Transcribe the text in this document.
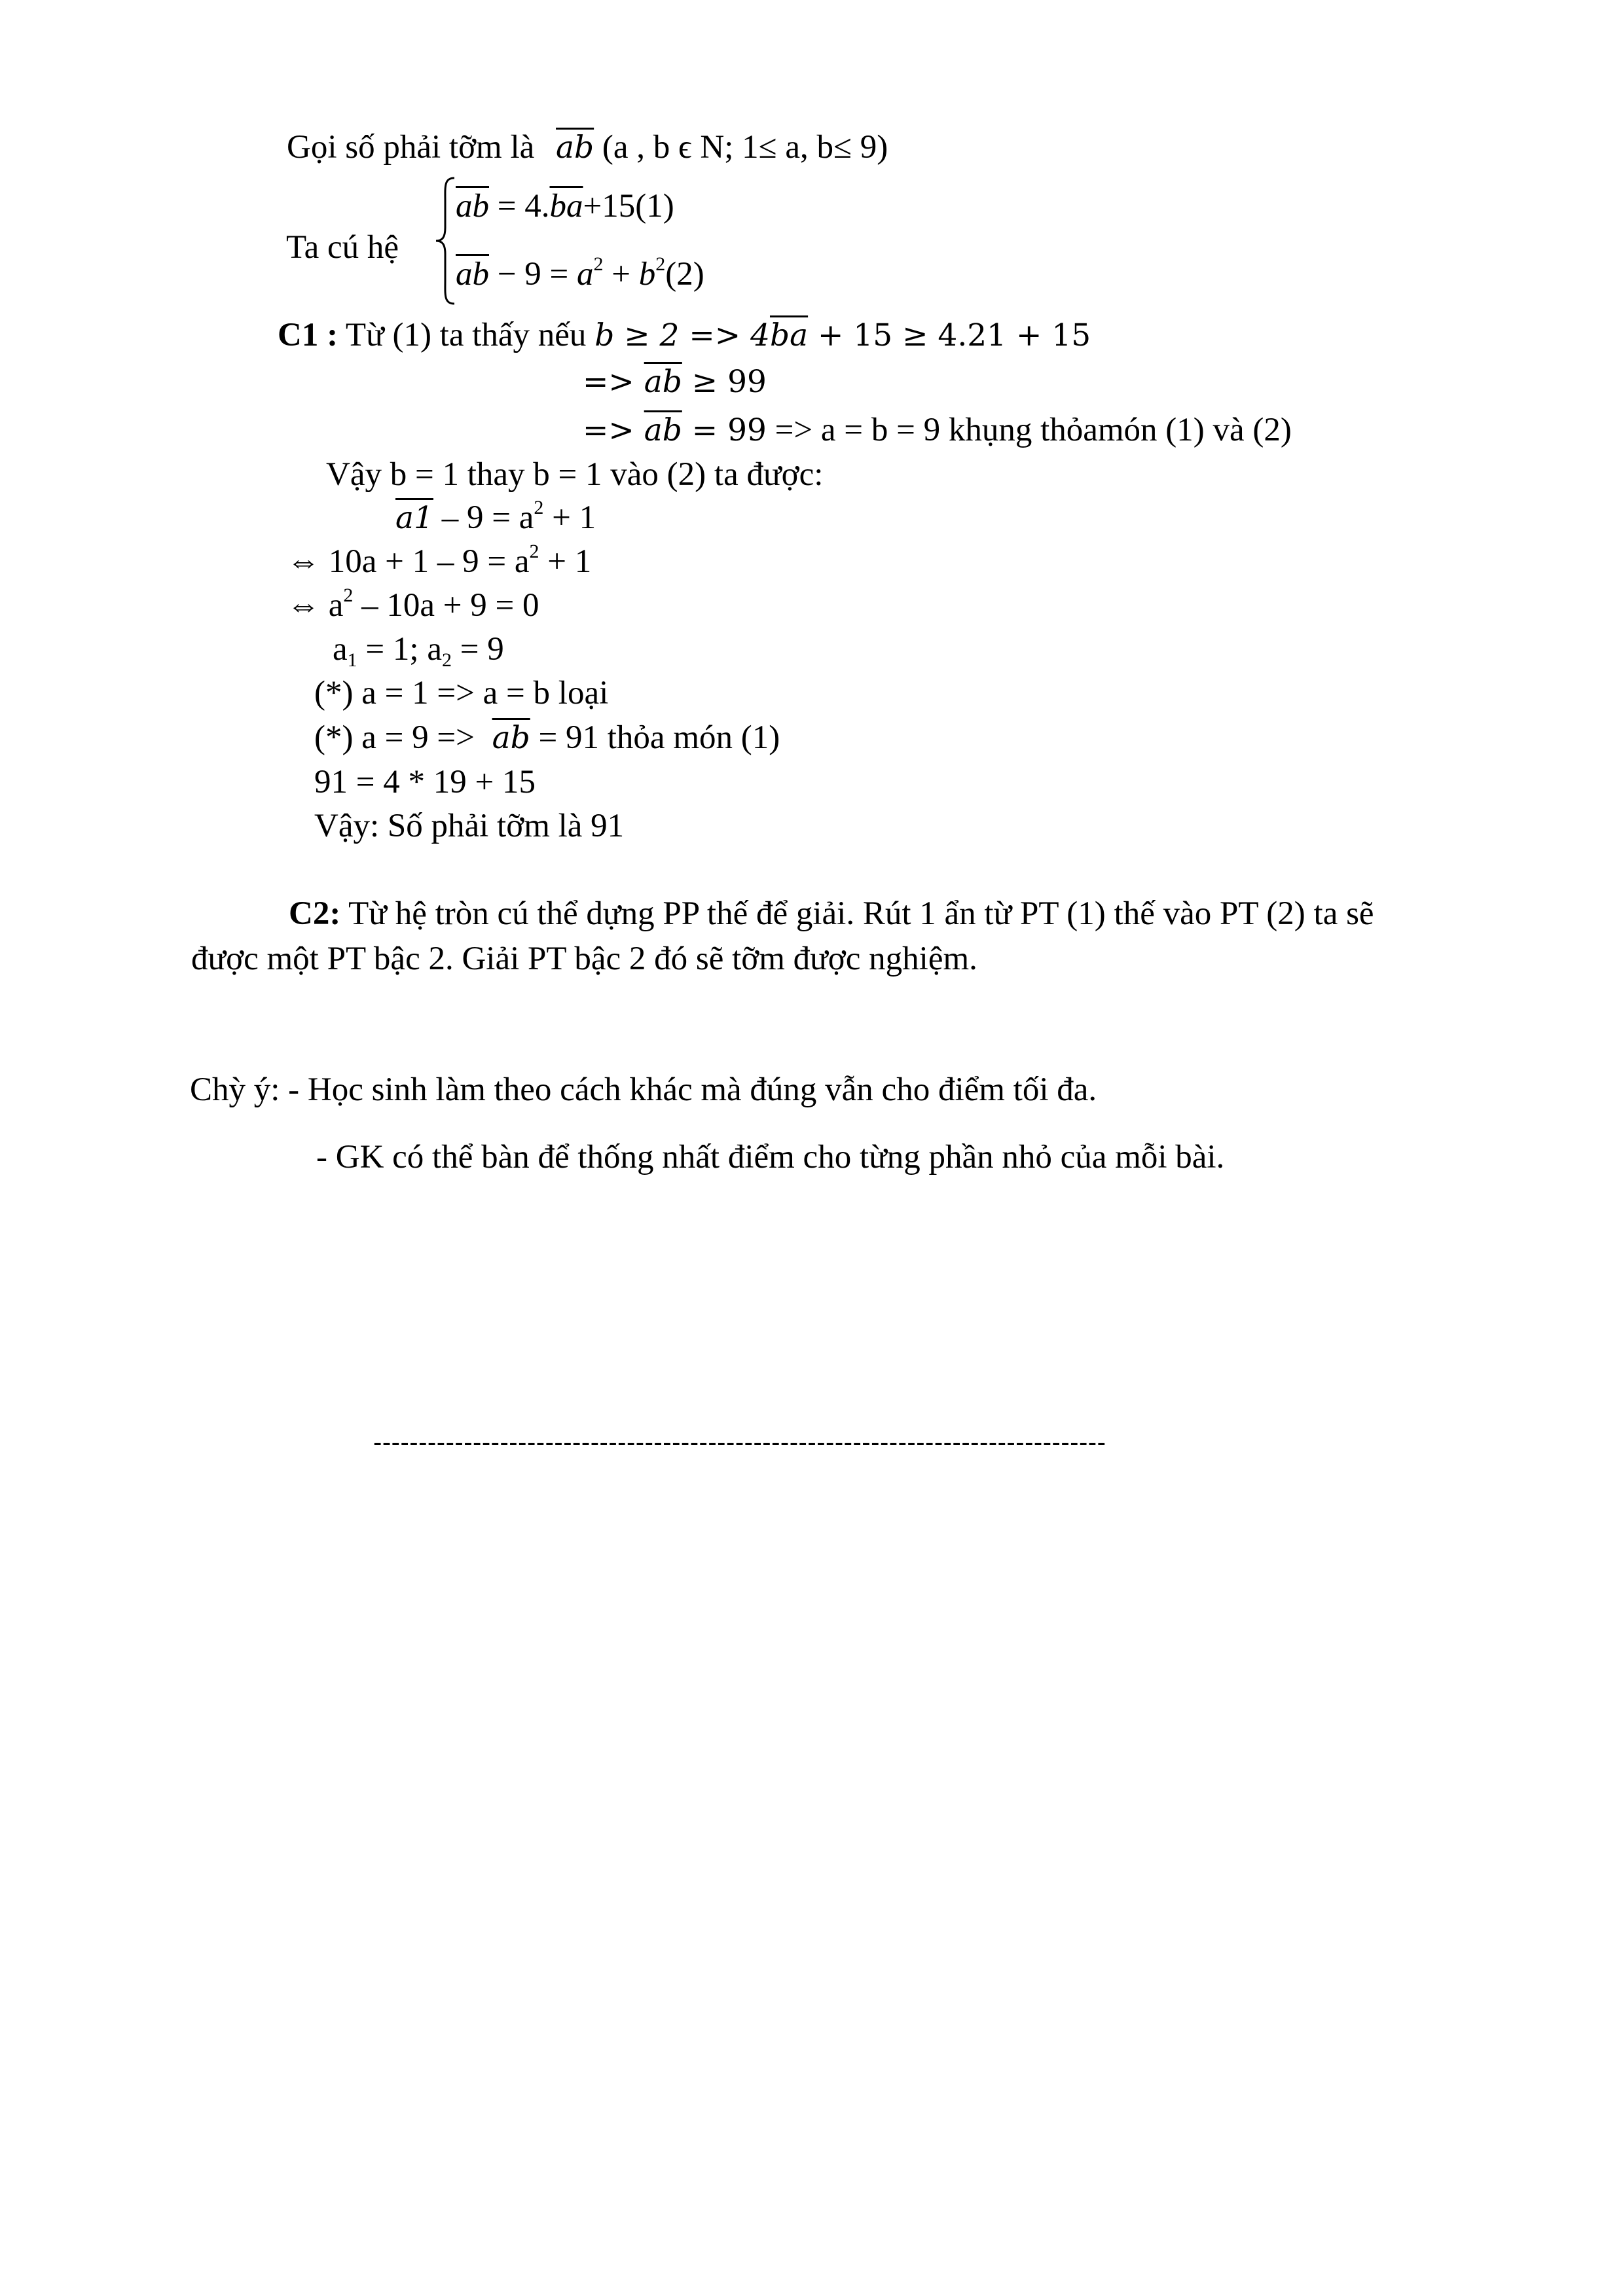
Gọi số phải tỡm là $\overline{ab}$ (a , b ϵ N; 1≤ a, b≤ 9)
Ta cú hệ
$\overline{ab} = 4.\overline{ba}+15(1)$
$\overline{ab} - 9 = a^2 + b^2(2)$
C1 : Từ (1) ta thấy nếu $b \ge 2 => 4\overline{ba} + 15 \ge 4.21 + 15$
=> $\overline{ab} \ge 99$
=> $\overline{ab} = 99 => a = b = 9$ khụng thỏamón (1) và (2)
Vậy b = 1 thay b = 1 vào (2) ta được:
$a1 - 9 = a^2 + 1$
⇔ $10a + 1 - 9 = a^2 + 1$
⇔ $a^2 - 10a + 9 = 0$
$a_1 = 1$; $a_2 = 9$
(*) a = 1 => a = b loại
(*) $a = 9 => \overline{ab} = 91$ thỏa món (1)
91 = 4 * 19 + 15
Vậy: Số phải tỡm là 91
C2: Từ hệ tròn cú thể dựng PP thế để giải. Rút 1 ẩn từ PT (1) thế vào PT (2) ta sẽ
được một PT bậc 2. Giải PT bậc 2 đó sẽ tỡm được nghiệm.
Chỳ ý: - Học sinh làm theo cách khác mà đúng vẫn cho điểm tối đa.
- GK có thể bàn để thống nhất điểm cho từng phần nhỏ của mỗi bài.
---------------------------------------------------------------------------------
